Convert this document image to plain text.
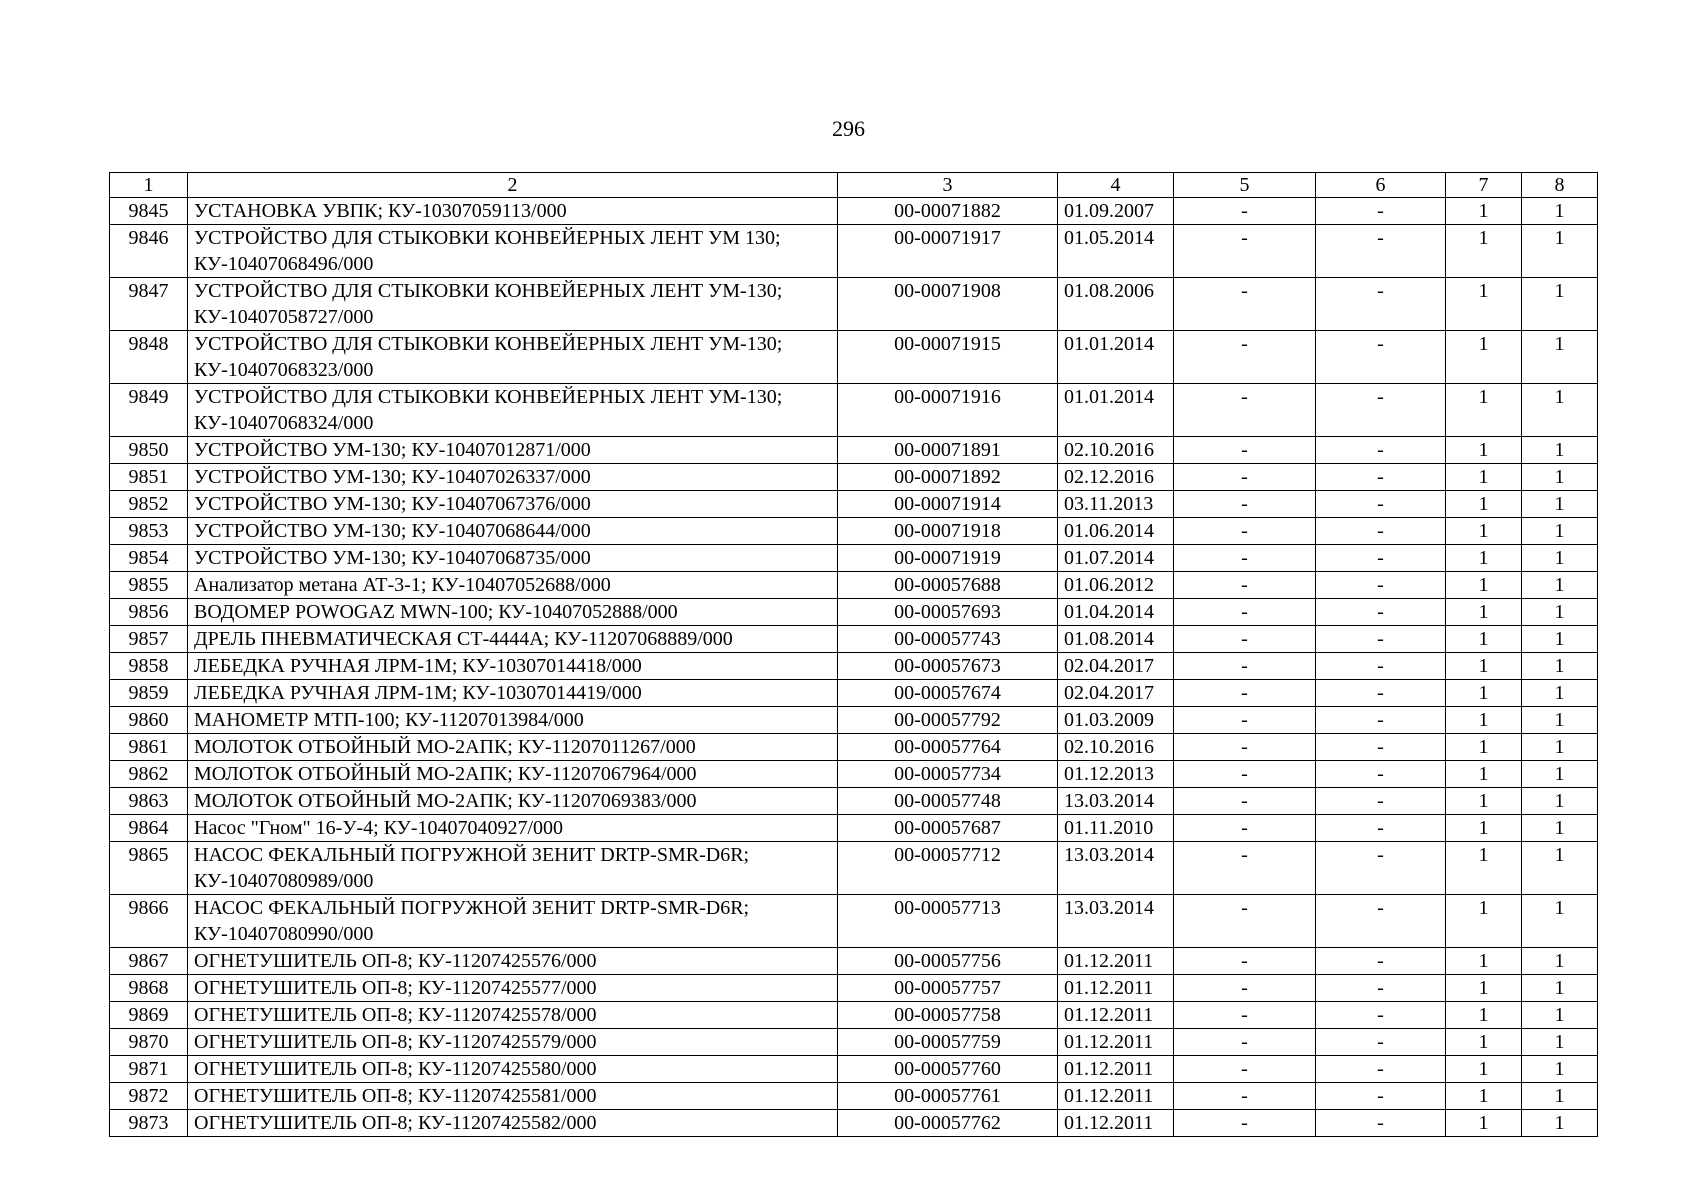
296
1	2	3	4	5	6	7	8
9845	УСТАНОВКА УВПК; КУ-10307059113/000	00-00071882	01.09.2007	-	-	1	1
9846	УСТРОЙСТВО ДЛЯ СТЫКОВКИ КОНВЕЙЕРНЫХ ЛЕНТ УМ 130; КУ-10407068496/000	00-00071917	01.05.2014	-	-	1	1
9847	УСТРОЙСТВО ДЛЯ СТЫКОВКИ КОНВЕЙЕРНЫХ ЛЕНТ УМ-130; КУ-10407058727/000	00-00071908	01.08.2006	-	-	1	1
9848	УСТРОЙСТВО ДЛЯ СТЫКОВКИ КОНВЕЙЕРНЫХ ЛЕНТ УМ-130; КУ-10407068323/000	00-00071915	01.01.2014	-	-	1	1
9849	УСТРОЙСТВО ДЛЯ СТЫКОВКИ КОНВЕЙЕРНЫХ ЛЕНТ УМ-130; КУ-10407068324/000	00-00071916	01.01.2014	-	-	1	1
9850	УСТРОЙСТВО УМ-130; КУ-10407012871/000	00-00071891	02.10.2016	-	-	1	1
9851	УСТРОЙСТВО УМ-130; КУ-10407026337/000	00-00071892	02.12.2016	-	-	1	1
9852	УСТРОЙСТВО УМ-130; КУ-10407067376/000	00-00071914	03.11.2013	-	-	1	1
9853	УСТРОЙСТВО УМ-130; КУ-10407068644/000	00-00071918	01.06.2014	-	-	1	1
9854	УСТРОЙСТВО УМ-130; КУ-10407068735/000	00-00071919	01.07.2014	-	-	1	1
9855	Анализатор метана АТ-3-1; КУ-10407052688/000	00-00057688	01.06.2012	-	-	1	1
9856	ВОДОМЕР POWOGAZ MWN-100; КУ-10407052888/000	00-00057693	01.04.2014	-	-	1	1
9857	ДРЕЛЬ ПНЕВМАТИЧЕСКАЯ СТ-4444А; КУ-11207068889/000	00-00057743	01.08.2014	-	-	1	1
9858	ЛЕБЕДКА РУЧНАЯ ЛРМ-1М; КУ-10307014418/000	00-00057673	02.04.2017	-	-	1	1
9859	ЛЕБЕДКА РУЧНАЯ ЛРМ-1М; КУ-10307014419/000	00-00057674	02.04.2017	-	-	1	1
9860	МАНОМЕТР МТП-100; КУ-11207013984/000	00-00057792	01.03.2009	-	-	1	1
9861	МОЛОТОК ОТБОЙНЫЙ МО-2АПК; КУ-11207011267/000	00-00057764	02.10.2016	-	-	1	1
9862	МОЛОТОК ОТБОЙНЫЙ МО-2АПК; КУ-11207067964/000	00-00057734	01.12.2013	-	-	1	1
9863	МОЛОТОК ОТБОЙНЫЙ МО-2АПК; КУ-11207069383/000	00-00057748	13.03.2014	-	-	1	1
9864	Насос "Гном" 16-У-4; КУ-10407040927/000	00-00057687	01.11.2010	-	-	1	1
9865	НАСОС ФЕКАЛЬНЫЙ ПОГРУЖНОЙ ЗЕНИТ DRTP-SMR-D6R; КУ-10407080989/000	00-00057712	13.03.2014	-	-	1	1
9866	НАСОС ФЕКАЛЬНЫЙ ПОГРУЖНОЙ ЗЕНИТ DRTP-SMR-D6R; КУ-10407080990/000	00-00057713	13.03.2014	-	-	1	1
9867	ОГНЕТУШИТЕЛЬ ОП-8; КУ-11207425576/000	00-00057756	01.12.2011	-	-	1	1
9868	ОГНЕТУШИТЕЛЬ ОП-8; КУ-11207425577/000	00-00057757	01.12.2011	-	-	1	1
9869	ОГНЕТУШИТЕЛЬ ОП-8; КУ-11207425578/000	00-00057758	01.12.2011	-	-	1	1
9870	ОГНЕТУШИТЕЛЬ ОП-8; КУ-11207425579/000	00-00057759	01.12.2011	-	-	1	1
9871	ОГНЕТУШИТЕЛЬ ОП-8; КУ-11207425580/000	00-00057760	01.12.2011	-	-	1	1
9872	ОГНЕТУШИТЕЛЬ ОП-8; КУ-11207425581/000	00-00057761	01.12.2011	-	-	1	1
9873	ОГНЕТУШИТЕЛЬ ОП-8; КУ-11207425582/000	00-00057762	01.12.2011	-	-	1	1
